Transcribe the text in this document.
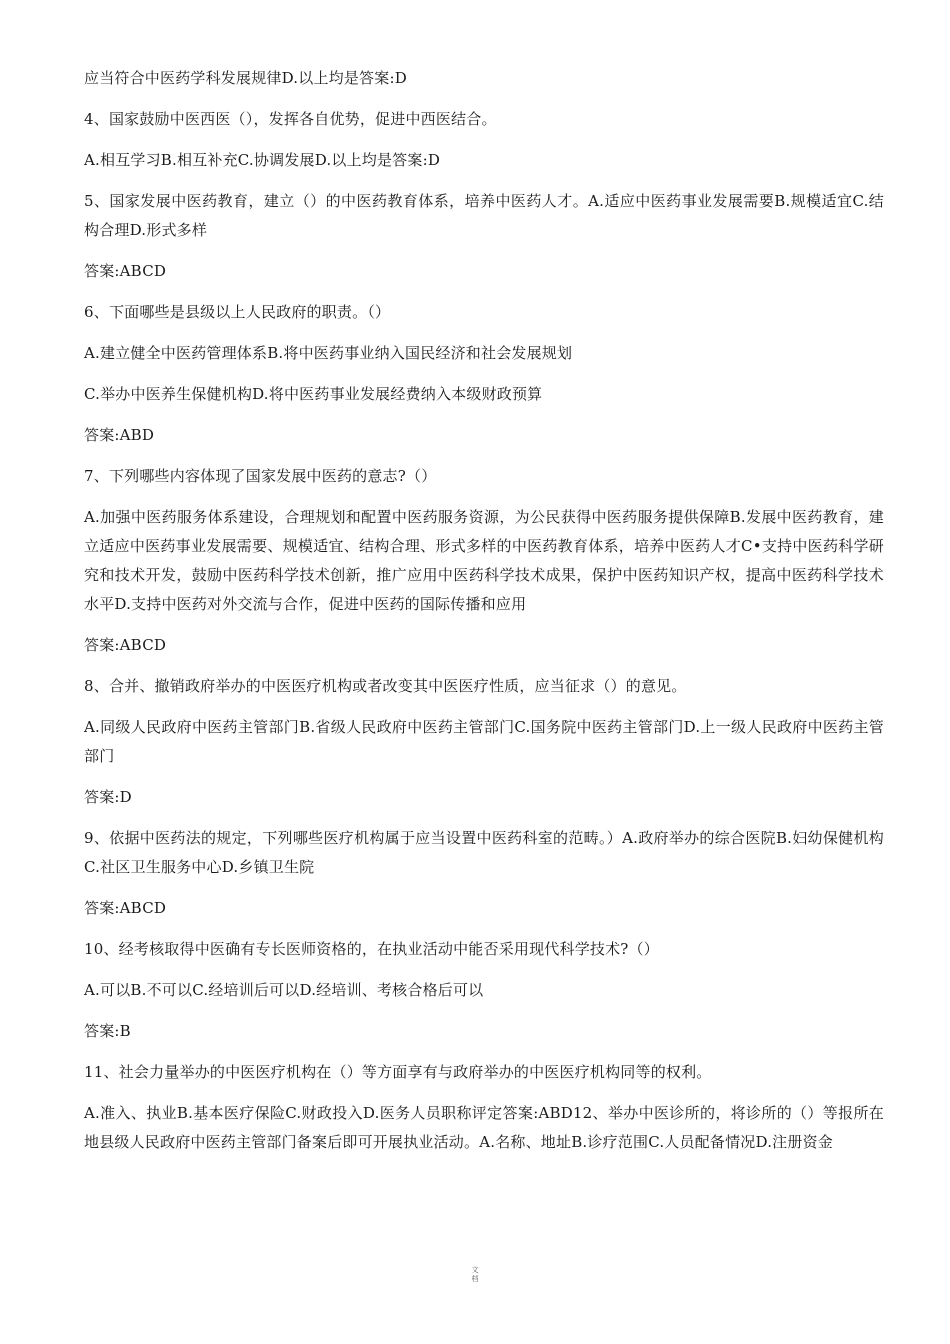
应当符合中医药学科发展规律D.以上均是答案:D

4、国家鼓励中医西医（），发挥各自优势，促进中西医结合。

A.相互学习B.相互补充C.协调发展D.以上均是答案:D

5、国家发展中医药教育，建立（）的中医药教育体系，培养中医药人才。A.适应中医药事业发展需要B.规模适宜C.结构合理D.形式多样

答案:ABCD

6、下面哪些是县级以上人民政府的职责。（）

A.建立健全中医药管理体系B.将中医药事业纳入国民经济和社会发展规划

C.举办中医养生保健机构D.将中医药事业发展经费纳入本级财政预算

答案:ABD

7、下列哪些内容体现了国家发展中医药的意志?（）

A.加强中医药服务体系建设，合理规划和配置中医药服务资源，为公民获得中医药服务提供保障B.发展中医药教育，建立适应中医药事业发展需要、规模适宜、结构合理、形式多样的中医药教育体系，培养中医药人才C•支持中医药科学研究和技术开发，鼓励中医药科学技术创新，推广应用中医药科学技术成果，保护中医药知识产权，提高中医药科学技术水平D.支持中医药对外交流与合作，促进中医药的国际传播和应用

答案:ABCD

8、合并、撤销政府举办的中医医疗机构或者改变其中医医疗性质，应当征求（）的意见。

A.同级人民政府中医药主管部门B.省级人民政府中医药主管部门C.国务院中医药主管部门D.上一级人民政府中医药主管部门

答案:D

9、依据中医药法的规定，下列哪些医疗机构属于应当设置中医药科室的范畴。）A.政府举办的综合医院B.妇幼保健机构C.社区卫生服务中心D.乡镇卫生院

答案:ABCD

10、经考核取得中医确有专长医师资格的，在执业活动中能否采用现代科学技术?（）

A.可以B.不可以C.经培训后可以D.经培训、考核合格后可以

答案:B

11、社会力量举办的中医医疗机构在（）等方面享有与政府举办的中医医疗机构同等的权利。

A.准入、执业B.基本医疗保险C.财政投入D.医务人员职称评定答案:ABD12、举办中医诊所的，将诊所的（）等报所在地县级人民政府中医药主管部门备案后即可开展执业活动。A.名称、地址B.诊疗范围C.人员配备情况D.注册资金

文
档
